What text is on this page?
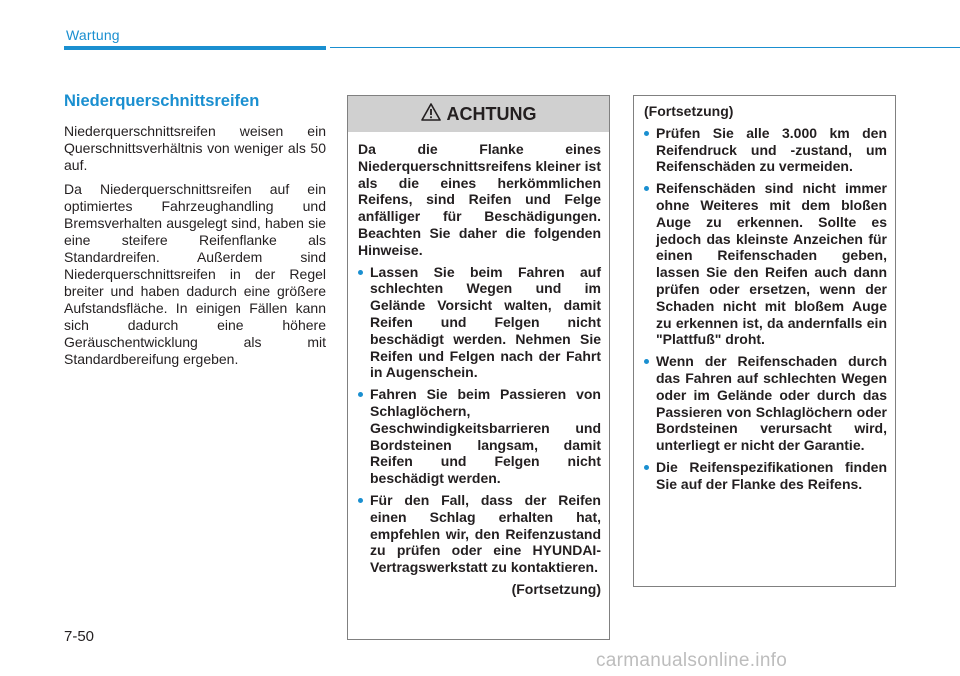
Wartung
Niederquerschnittsreifen

Niederquerschnittsreifen weisen ein Querschnittsverhältnis von weniger als 50 auf.

Da Niederquerschnittsreifen auf ein optimiertes Fahrzeughandling und Bremsverhalten ausgelegt sind, haben sie eine steifere Reifenflanke als Standardreifen. Außerdem sind Niederquerschnittsreifen in der Regel breiter und haben dadurch eine größere Aufstandsfläche. In einigen Fällen kann sich dadurch eine höhere Geräuschentwicklung als mit Standardbereifung ergeben.

ACHTUNG

Da die Flanke eines Niederquerschnittsreifens kleiner ist als die eines herkömmlichen Reifens, sind Reifen und Felge anfälliger für Beschädigungen. Beachten Sie daher die folgenden Hinweise.

Lassen Sie beim Fahren auf schlechten Wegen und im Gelände Vorsicht walten, damit Reifen und Felgen nicht beschädigt werden. Nehmen Sie Reifen und Felgen nach der Fahrt in Augenschein.
Fahren Sie beim Passieren von Schlaglöchern, Geschwindigkeitsbarrieren und Bordsteinen langsam, damit Reifen und Felgen nicht beschädigt werden.
Für den Fall, dass der Reifen einen Schlag erhalten hat, empfehlen wir, den Reifenzustand zu prüfen oder eine HYUNDAI-Vertragswerkstatt zu kontaktieren.
(Fortsetzung)

(Fortsetzung)

Prüfen Sie alle 3.000 km den Reifendruck und -zustand, um Reifenschäden zu vermeiden.
Reifenschäden sind nicht immer ohne Weiteres mit dem bloßen Auge zu erkennen. Sollte es jedoch das kleinste Anzeichen für einen Reifenschaden geben, lassen Sie den Reifen auch dann prüfen oder ersetzen, wenn der Schaden nicht mit bloßem Auge zu erkennen ist, da andernfalls ein "Plattfuß" droht.
Wenn der Reifenschaden durch das Fahren auf schlechten Wegen oder im Gelände oder durch das Passieren von Schlaglöchern oder Bordsteinen verursacht wird, unterliegt er nicht der Garantie.
Die Reifenspezifikationen finden Sie auf der Flanke des Reifens.
7-50
carmanualsonline.info
